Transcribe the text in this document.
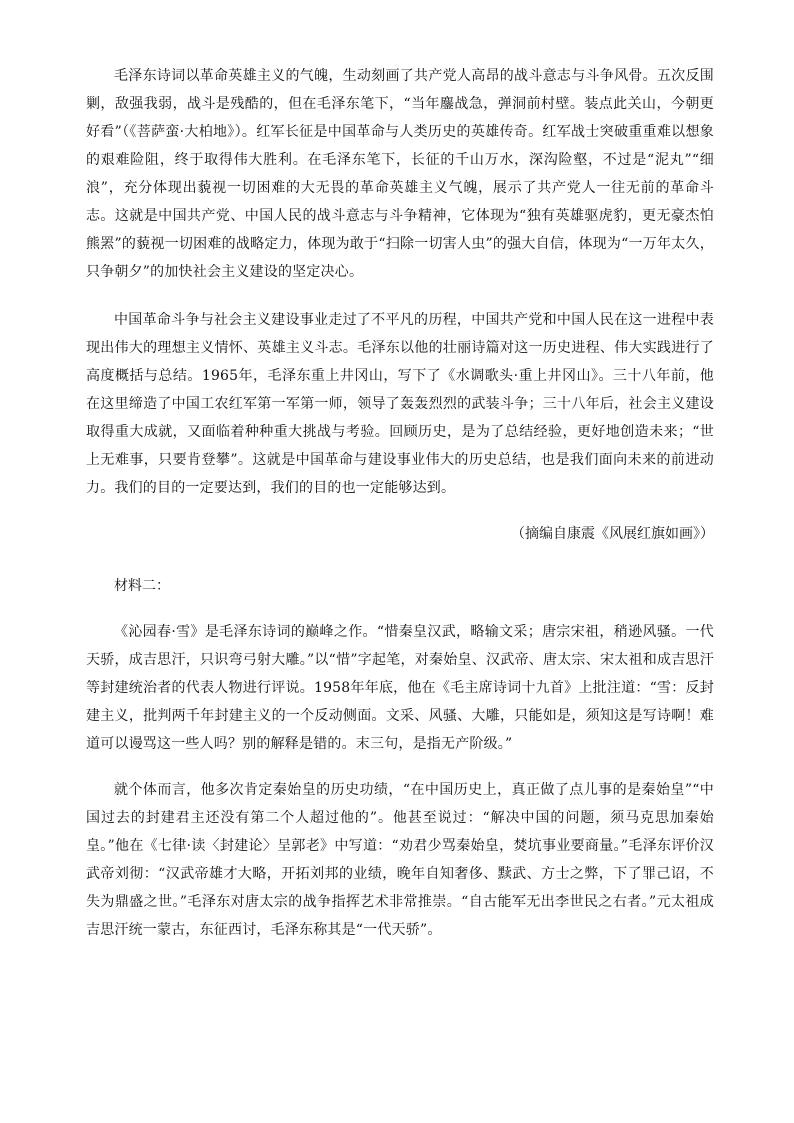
毛泽东诗词以革命英雄主义的气魄，生动刻画了共产党人高昂的战斗意志与斗争风骨。五次反围剿，敌强我弱，战斗是残酷的，但在毛泽东笔下，“当年鏖战急，弹洞前村壁。装点此关山，今朝更好看”（《菩萨蛮·大柏地》）。红军长征是中国革命与人类历史的英雄传奇。红军战士突破重重难以想象的艰难险阻，终于取得伟大胜利。在毛泽东笔下，长征的千山万水，深沟险壑，不过是“泥丸”“细浪”，充分体现出藐视一切困难的大无畏的革命英雄主义气魄，展示了共产党人一往无前的革命斗志。这就是中国共产党、中国人民的战斗意志与斗争精神，它体现为“独有英雄驱虎豹，更无豪杰怕熊罴”的藐视一切困难的战略定力，体现为敢于“扫除一切害人虫”的强大自信，体现为“一万年太久，只争朝夕”的加快社会主义建设的坚定决心。

中国革命斗争与社会主义建设事业走过了不平凡的历程，中国共产党和中国人民在这一进程中表现出伟大的理想主义情怀、英雄主义斗志。毛泽东以他的壮丽诗篇对这一历史进程、伟大实践进行了高度概括与总结。1965年，毛泽东重上井冈山，写下了《水调歌头·重上井冈山》。三十八年前，他在这里缔造了中国工农红军第一军第一师，领导了轰轰烈烈的武装斗争；三十八年后，社会主义建设取得重大成就，又面临着种种重大挑战与考验。回顾历史，是为了总结经验，更好地创造未来；“世上无难事，只要肯登攀”。这就是中国革命与建设事业伟大的历史总结，也是我们面向未来的前进动力。我们的目的一定要达到，我们的目的也一定能够达到。

（摘编自康震《风展红旗如画》）

材料二：

《沁园春·雪》是毛泽东诗词的巅峰之作。“惜秦皇汉武，略输文采；唐宗宋祖，稍逊风骚。一代天骄，成吉思汗，只识弯弓射大雕。”以“惜”字起笔，对秦始皇、汉武帝、唐太宗、宋太祖和成吉思汗等封建统治者的代表人物进行评说。1958年年底，他在《毛主席诗词十九首》上批注道：“雪：反封建主义，批判两千年封建主义的一个反动侧面。文采、风骚、大雕，只能如是，须知这是写诗啊！难道可以谩骂这一些人吗？别的解释是错的。末三句，是指无产阶级。”

就个体而言，他多次肯定秦始皇的历史功绩，“在中国历史上，真正做了点儿事的是秦始皇”“中国过去的封建君主还没有第二个人超过他的”。他甚至说过：“解决中国的问题，须马克思加秦始皇。”他在《七律·读〈封建论〉呈郭老》中写道：“劝君少骂秦始皇，焚坑事业要商量。”毛泽东评价汉武帝刘彻：“汉武帝雄才大略，开拓刘邦的业绩，晚年自知奢侈、黩武、方士之弊，下了罪己诏，不失为鼎盛之世。”毛泽东对唐太宗的战争指挥艺术非常推崇。“自古能军无出李世民之右者。”元太祖成吉思汗统一蒙古，东征西讨，毛泽东称其是“一代天骄”。
